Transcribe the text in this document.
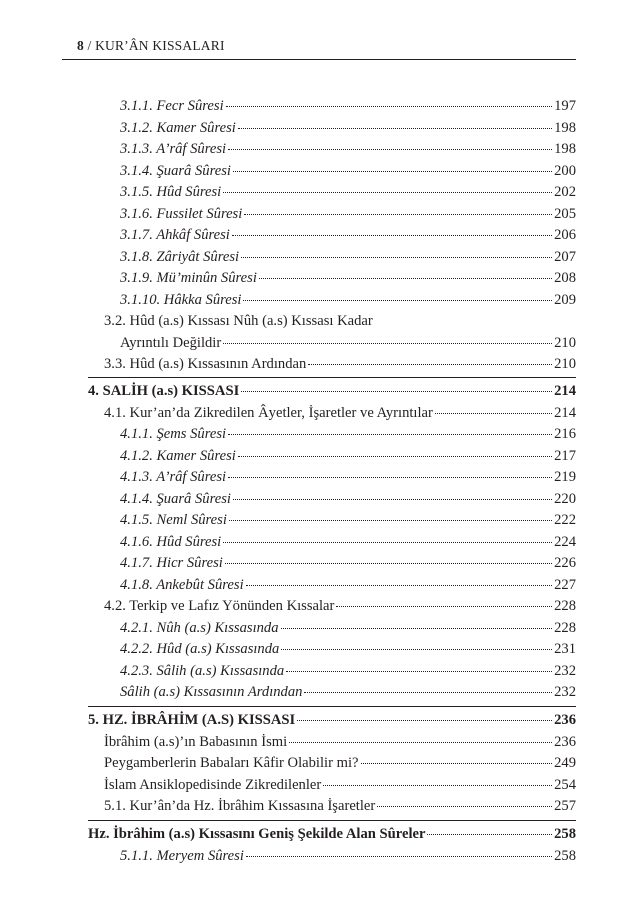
8 / KUR’ÂN KISSALARI
3.1.1. Fecr Sûresi	197
3.1.2. Kamer Sûresi	198
3.1.3. A’râf Sûresi	198
3.1.4. Şuarâ Sûresi	200
3.1.5. Hûd Sûresi	202
3.1.6. Fussilet Sûresi	205
3.1.7. Ahkâf Sûresi	206
3.1.8. Zâriyât Sûresi	207
3.1.9. Mü’minûn Sûresi	208
3.1.10. Hâkka Sûresi	209
3.2. Hûd (a.s) Kıssası Nûh (a.s) Kıssası Kadar
Ayrıntılı Değildir	210
3.3. Hûd (a.s) Kıssasının Ardından	210
4. SALİH (a.s) KISSASI	214
4.1. Kur’an’da Zikredilen Âyetler, İşaretler ve Ayrıntılar	214
4.1.1. Şems Sûresi	216
4.1.2. Kamer Sûresi	217
4.1.3. A’râf Sûresi	219
4.1.4. Şuarâ Sûresi	220
4.1.5. Neml Sûresi	222
4.1.6. Hûd Sûresi	224
4.1.7. Hicr Sûresi	226
4.1.8. Ankebût Sûresi	227
4.2. Terkip ve Lafız Yönünden Kıssalar	228
4.2.1. Nûh (a.s) Kıssasında	228
4.2.2. Hûd (a.s) Kıssasında	231
4.2.3. Sâlih (a.s) Kıssasında	232
Sâlih (a.s) Kıssasının Ardından	232
5. HZ. İBRÂHİM (A.S) KISSASI	236
İbrâhim (a.s)’ın Babasının İsmi	236
Peygamberlerin Babaları Kâfir Olabilir mi?	249
İslam Ansiklopedisinde Zikredilenler	254
5.1. Kur’ân’da Hz. İbrâhim Kıssasına İşaretler	257
Hz. İbrâhim (a.s) Kıssasını Geniş Şekilde Alan Sûreler	258
5.1.1. Meryem Sûresi	258
